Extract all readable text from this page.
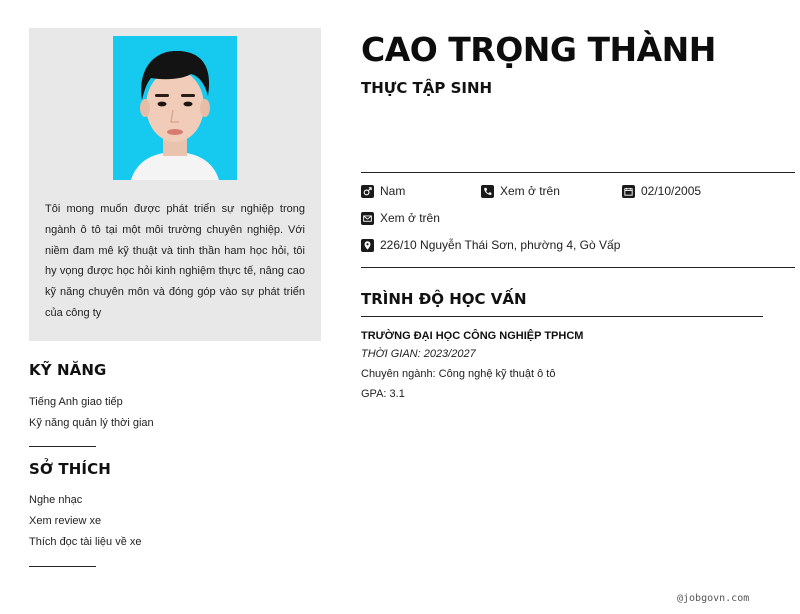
Tôi mong muốn được phát triển sự nghiệp trong ngành ô tô tại một môi trường chuyên nghiệp. Với niềm đam mê kỹ thuật và tinh thần ham học hỏi, tôi hy vọng được học hỏi kinh nghiệm thực tế, nâng cao kỹ năng chuyên môn và đóng góp vào sự phát triển của công ty

KỸ NĂNG
Tiếng Anh giao tiếp
Kỹ năng quản lý thời gian
SỞ THÍCH
Nghe nhạc
Xem review xe
Thích đọc tài liệu về xe
CAO TRỌNG THÀNH
THỰC TẬP SINH
Nam	Xem ở trên	02/10/2005
Xem ở trên
226/10 Nguyễn Thái Sơn, phường 4, Gò Vấp
TRÌNH ĐỘ HỌC VẤN
TRƯỜNG ĐẠI HỌC CÔNG NGHIỆP TPHCM
THỜI GIAN: 2023/2027
Chuyên ngành: Công nghệ kỹ thuật ô tô
GPA: 3.1
@jobgovn.com
